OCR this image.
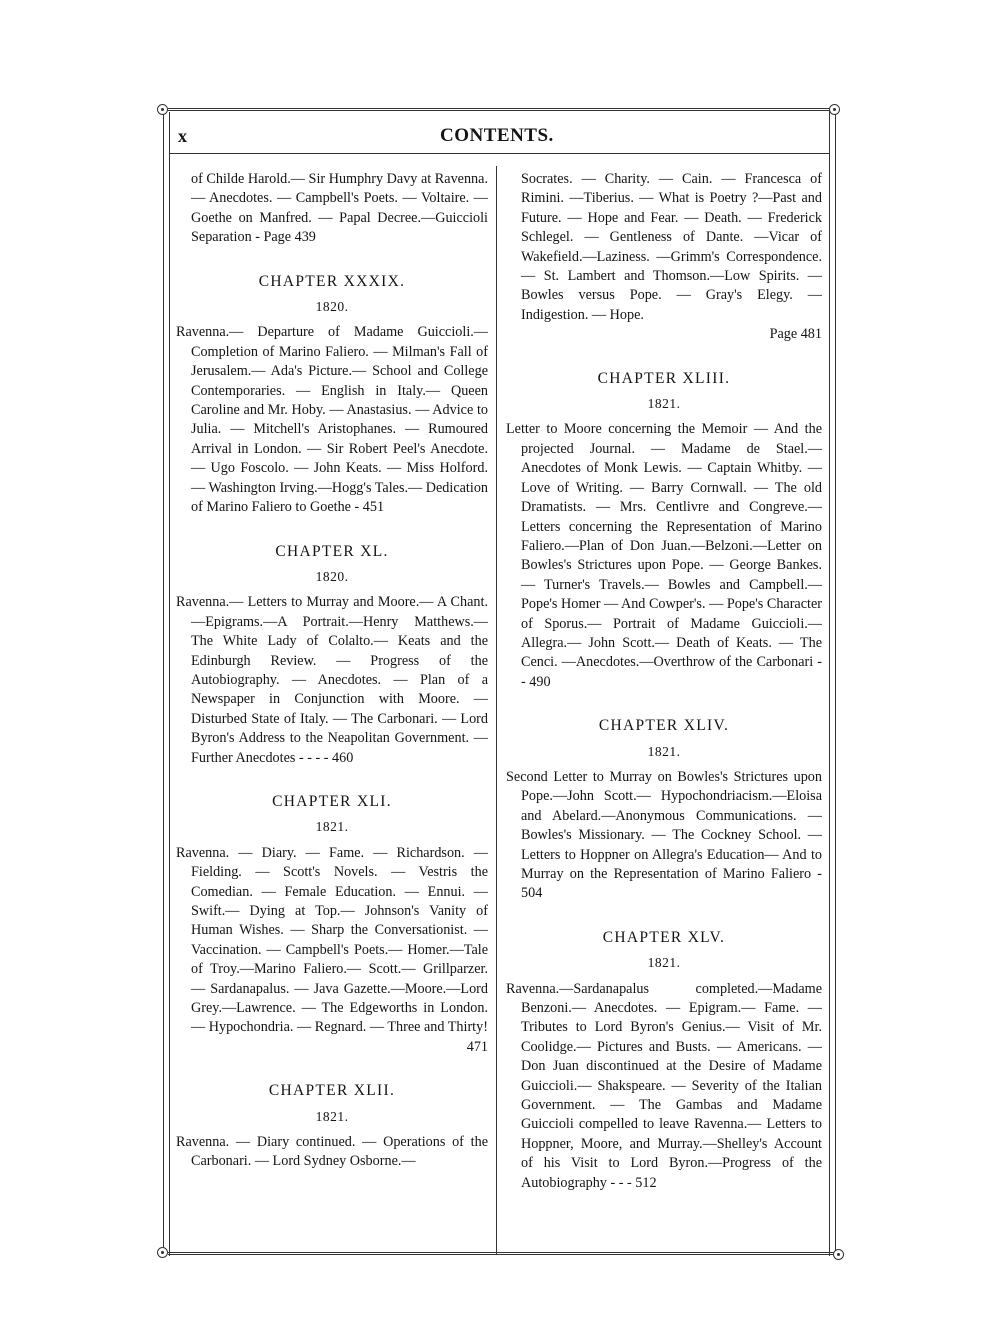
x	CONTENTS.

of Childe Harold.— Sir Humphry Davy at Ravenna. — Anecdotes. — Campbell's Poets. — Voltaire. — Goethe on Manfred. — Papal Decree.—Guiccioli Separation - Page 439

CHAPTER XXXIX.
1820.

Ravenna.— Departure of Madame Guiccioli.— Completion of Marino Faliero. — Milman's Fall of Jerusalem.— Ada's Picture.— School and College Contemporaries. — English in Italy.— Queen Caroline and Mr. Hoby. — Anastasius. — Advice to Julia. — Mitchell's Aristophanes. — Rumoured Arrival in London. — Sir Robert Peel's Anecdote. — Ugo Foscolo. — John Keats. — Miss Holford. — Washington Irving.—Hogg's Tales.— Dedication of Marino Faliero to Goethe - 451

CHAPTER XL.
1820.

Ravenna.— Letters to Murray and Moore.— A Chant.—Epigrams.—A Portrait.—Henry Matthews.— The White Lady of Colalto.— Keats and the Edinburgh Review. — Progress of the Autobiography. — Anecdotes. — Plan of a Newspaper in Conjunction with Moore. — Disturbed State of Italy. — The Carbonari. — Lord Byron's Address to the Neapolitan Government. — Further Anecdotes - - - - 460

CHAPTER XLI.
1821.

Ravenna. — Diary. — Fame. — Richardson. — Fielding. — Scott's Novels. — Vestris the Comedian. — Female Education. — Ennui. — Swift.— Dying at Top.— Johnson's Vanity of Human Wishes. — Sharp the Conversationist. — Vaccination. — Campbell's Poets.— Homer.—Tale of Troy.—Marino Faliero.— Scott.— Grillparzer. — Sardanapalus. — Java Gazette.—Moore.—Lord Grey.—Lawrence. — The Edgeworths in London. — Hypochondria. — Regnard. — Three and Thirty!

471
CHAPTER XLII.
1821.

Ravenna. — Diary continued. — Operations of the Carbonari. — Lord Sydney Osborne.—

Socrates. — Charity. — Cain. — Francesca of Rimini. —Tiberius. — What is Poetry ?—Past and Future. — Hope and Fear. — Death. — Frederick Schlegel. — Gentleness of Dante. —Vicar of Wakefield.—Laziness. —Grimm's Correspondence. — St. Lambert and Thomson.—Low Spirits. — Bowles versus Pope. — Gray's Elegy. — Indigestion. — Hope.

Page 481
CHAPTER XLIII.
1821.

Letter to Moore concerning the Memoir — And the projected Journal. — Madame de Stael.— Anecdotes of Monk Lewis. — Captain Whitby. — Love of Writing. — Barry Cornwall. — The old Dramatists. — Mrs. Centlivre and Congreve.—Letters concerning the Representation of Marino Faliero.—Plan of Don Juan.—Belzoni.—Letter on Bowles's Strictures upon Pope. — George Bankes. — Turner's Travels.— Bowles and Campbell.— Pope's Homer — And Cowper's. — Pope's Character of Sporus.— Portrait of Madame Guiccioli.— Allegra.— John Scott.— Death of Keats. — The Cenci. —Anecdotes.—Overthrow of the Carbonari - - 490

CHAPTER XLIV.
1821.

Second Letter to Murray on Bowles's Strictures upon Pope.—John Scott.— Hypochondriacism.—Eloisa and Abelard.—Anonymous Communications. — Bowles's Missionary. — The Cockney School. — Letters to Hoppner on Allegra's Education— And to Murray on the Representation of Marino Faliero - 504

CHAPTER XLV.
1821.

Ravenna.—Sardanapalus completed.—Madame Benzoni.— Anecdotes. — Epigram.— Fame. — Tributes to Lord Byron's Genius.— Visit of Mr. Coolidge.— Pictures and Busts. — Americans. — Don Juan discontinued at the Desire of Madame Guiccioli.— Shakspeare. — Severity of the Italian Government. — The Gambas and Madame Guiccioli compelled to leave Ravenna.— Letters to Hoppner, Moore, and Murray.—Shelley's Account of his Visit to Lord Byron.—Progress of the Autobiography - - - 512
